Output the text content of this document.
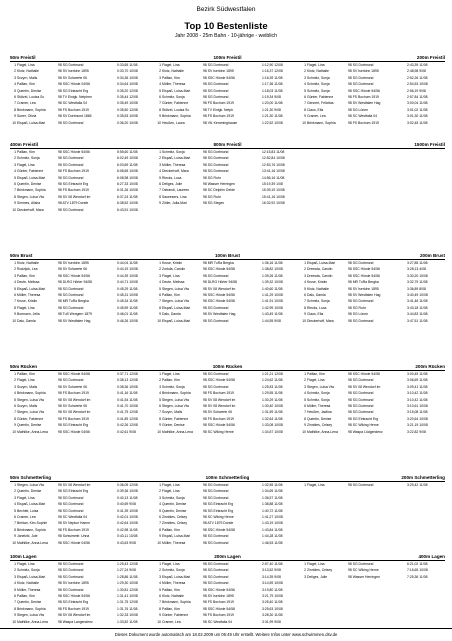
Bezirk Südwestfalen
Top 10 Bestenliste
Jahr 2008 - 25m Bahn - 10-jährige - weiblich
50m Freistil
1 Flagel, Lina	98 SG Dortmund	0:33,65 11/08
2 Klotz, Nathalie	98 SV Iserlohn 1895	0:33,70 10/08
3 Sczyrn, Malis	98 SV Schwerte 06	0:34,36 10/08
4 Palllan, Kim	98 SSC Hövde 04/56	0:34,64 10/08
5 Quentin, Denise	98 SG Eintracht Erg	0:35,20 12/08
6 Stötzel, Louisa Sc	98 TV Einigk. Netphen	0:35,44 12/08
7 Cramer, Lea	98 SC Westfalia 04	0:35,49 10/08
8 Brinkmann, Sophia	98 FS Bochum 1919	0:35,50 12/08
9 Sueer, Olivia	98 SV Dortmund 1865	0:35,53 10/08
10 Elspaß, Luisa-Mari	98 SG Dortmund	0:36,20 10/08
100m Freistil
1 Flagel, Lina	98 SG Dortmund	1:12,90 12/08
2 Klotz, Nathalie	98 SV Iserlohn 1895	1:16,37 12/08
3 Palllan, Kim	98 SSC Hövde 54/56	1:16,39 11/08
4 Möller, Theresa	98 SG Dortmund	1:17,36 11/08
5 Elspaß, Luisa-Mari	98 SG Dortmund	1:18,03 11/08
6 Schmitz, Sonja	98 SG Dortmund	1:19,34 9/08
7 Günter, Fabienne	98 FS Bochum 1919	1:20,00 11/08
8 Stötzel, Louisa Sc	98 TV Einigk. Netph	1:21,30 9/08
9 Brinkmann, Sophia	98 FS Bochum 1919	1:21,30 11/08
10 Heußen, Laura	98 VfL Kemminghause	1:22,52 10/08
200m Freistil
1 Flagel, Lina	98 SG Dortmund	2:43,39 11/08
2 Klotz, Nathalie	98 SV Iserlohn 1895	2:48,98 9/08
3 Schmitz, Sonja	98 SG Dortmund	2:52,26 11/08
4 Schmitz, Sonja	98 SG Dortmund	2:54,53 10/08
5 Schmitz, Sonja	98 SSC Hövde 54/56	2:56,19 9/08
6 Günter, Fabienne	98 FS Bochum 1919	2:57,84 11/08
7 Gennert, Felicitas	98 SV Westfalen Hag	3:00,04 11/08
8 Claus, Ella	98 SG Lünen	3:01,02 11/08
9 Cramer, Lea	98 SC Westfalia 04	3:01,30 11/08
10 Brinkmann, Sophia	98 FS Bochum 1919	3:02,45 11/08
400m Freistil
1 Palllan, Kim	98 SSC Hövde 54/56	5:55,60 11/08
2 Schmitz, Sonja	98 SG Dortmund	6:02,49 10/08
3 Flagel, Lina	98 SG Dortmund	6:03,69 11/08
4 Günter, Fabienne	98 FS Bochum 1919	6:08,65 10/08
5 Elspaß, Luisa-Mari	98 SG Dortmund	6:08,98 10/08
6 Quentin, Denise	98 SG Eintracht Erg	6:27,33 10/08
7 Brinkmann, Sophia	98 FS Bochum 1919	6:31,26 10/08
8 Stegen, Luisa Viw	98 SV 08 Wendorf Im	6:37,24 11/08
9 Simmes, Alisha	98 ATV 1879 Dorsfe	6:38,52 10/08
10 Dieckerhoff, Mara	98 SG Dortmund	6:43,91 10/08
800m Freistil
1 Schmitz, Sonja	98 SG Dortmund	12:15,83 11/08
2 Elspaß, Luisa-Mari	98 SG Dortmund	12:52,84 10/08
3 Möller, Theresa	98 SG Dortmund	12:53,76 10/08
4 Dieckerhoff, Mara	98 SG Dortmund	13:41,16 10/08
5 Riecks, Luca	98 SG Ruhr	14:56,16 11/08
6 Deliges, Julie	98 Wasser Herringen	15:19,39 1/08
7 Ostrandi, Laureen	98 SC Delphin Oelde	15:39,19 10/08
8 Saueesers, Lina	98 SG Ruhr	15:41,16 10/08
9 Zöller, Jolla-Mari	98 SG Siegen	16:32,92 10/08
1500m Freistil
50m Brust
1 Klotz, Nathalie	98 SV Iserlohn 1895	0:44,04 11/08
2 Rodzijok, Lea	98 SV Schwerte 06	0:44,19 10/08
3 Palllan, Kim	98 SSC Hövde 54/56	0:44,39 10/08
4 Deute, Melissa	98 DLRG Hörter 94/58	0:44,71 10/08
5 Elspaß, Luisa-Mari	98 SG Dortmund	0:45,29 11/08
6 Möller, Theresa	98 SG Dortmund	0:45,31 10/08
7 Kruse, Kristin	98 MR TuRa Bergka	0:45,34 11/08
8 Flagel, Lina	98 SG Dortmund	0:45,59 11/08
9 Bormann, Jella	98 TuS Wengern 1879	0:46,01 11/08
10 Dalu, Damla	98 SV Westfalen Hag	0:46,26 10/08
100m Brust
1 Kruse, Kristin	98 MR TuRa Bergka	1:36,16 11/08
2 Zorkda, Carolin	98 SSC Hövde 54/58	1:38,82 10/08
3 Flagel, Lina	98 SG Dortmund	1:39,26 11/08
4 Deute, Melissa	98 DLRG Hörter 94/58	1:39,32 10/08
5 Stegen, Luisa Viw	98 SV 08 Wendorf Im	1:40,60 11/08
6 Palllan, Kim	98 SSC Hövde 54/56	1:41,29 10/08
7 Stegen, Luisa Viw	98 SSC Hövde 54/56	1:41,91 10/08
8 Elspaß, Luisa-Mari	98 SG Dortmund	1:42,99 10/08
9 Dalu, Damla	98 SV Westfalen Hag	1:43,49 11/08
10 Elspaß, Luisa-Mari	98 SG Dortmund	1:44,55 9/08
200m Brust
1 Elspaß, Luisa-Mari	98 SG Dortmund	3:27,85 11/08
2 Dreesda, Carolin	98 SSC Hövde 54/56	3:28,13 4/08
3 Dreesda, Carolin	98 SSC Hövde 54/56	3:30,20 10/08
4 Kruse, Kristin	98 MR TuRa Bergka	3:32,79 11/08
5 Klotz, Nathalie	98 SV Iserlohn 1895	3:36,89 8/08
6 Dalu, Damla	98 SV Westfalen Hag	3:40,49 10/08
7 Schmitz, Sonja	98 SG Dortmund	3:41,46 11/08
8 Riecks, Luca	98 SG Ruhr	3:43,18 11/08
9 Claus, Ella	98 SG Lünen	3:44,83 11/08
10 Dieckerhoff, Mara	98 SG Dortmund	3:47,51 11/08
50m Rücken
1 Palllan, Kim	98 SSC Hövde 54/58	0:37,71 12/08
2 Flagel, Lina	98 SG Dortmund	0:38,13 12/08
3 Sczyrn, Malis	98 SV Schwerte 06	0:38,36 10/08
4 Brinkmann, Sophia	98 FS Bochum 1919	0:41,16 11/08
5 Stegen, Luisa Viw	98 SV 08 Wendorf Im	0:41,54 11/08
6 Sczyrn, Malis	98 SV Schwerte 06	0:41,70 10/08
7 Stegen, Luisa Viw	98 SV 08 Wendorf Im	0:41,75 12/08
8 Günter, Fabienne	98 FS Bochum 1919	0:41,89 12/08
9 Quentin, Denise	98 SG Eintracht Erg	0:42,26 12/08
10 Mathilke, Anna-Lena	98 SSC Hövde 04/56	0:42,61 9/08
100m Rücken
1 Flagel, Lina	98 SG Dortmund	1:21,21 12/08
2 Palllan, Kim	98 SSC Hövde 54/58	1:24,62 11/08
3 Schmitz, Sonja	98 SG Dortmund	1:25,53 11/08
4 Brinkmann, Sophia	98 FS Bochum 1919	1:29,55 11/08
5 Stegen, Luisa Viw	98 SV 08 Wendorf Im	1:30,29 11/08
6 Stegen, Luisa Viw	98 SV 08 Wendorf Im	1:30,40 10/08
7 Sczyrn, Malis	98 SV Schwerte 06	1:31,59 11/08
8 Günter, Fabienne	98 FS Bochum 1919	1:32,64 11/08
9 Günter, Denise	98 SSC Hövde 54/56	1:33,08 10/08
10 Mathilke, Anna-Lena	98 SC Wiking Herne	1:34,57 10/08
200m Rücken
1 Palllan, Kim	98 SSC Hövde 54/58	3:00,45 11/08
2 Flagel, Lina	98 SG Dortmund	3:06,69 11/08
3 Stegen, Luisa Viw	98 SV 08 Wendorf Im	3:09,41 11/08
4 Schmitz, Sonja	98 SG Dortmund	3:10,42 11/08
5 Schmitz, Sonja	98 SG Dortmund	3:10,42 11/08
6 Möller, Theresa	98 SG Dortmund	3:10,61 10/08
7 Heußen, Jadiina	98 SG Dortmund	3:15,08 11/08
8 Quentin, Denise	98 SG Eintracht Erg	3:20,64 10/08
9 Zinnbles, Celsey	98 SC Wiking Herne	3:21,19 10/08
10 Mathilke, Anna-Lena	98 Waspa Lüdgendenz	3:22,82 9/08
50m Schmetterling
1 Stegen, Luisa Viw	98 SV 08 Wendorf Im	0:36,05 12/08
2 Quentin, Denise	98 SG Eintracht Erg	0:39,36 10/08
3 Flagel, Lina	98 SG Dortmund	0:40,13 11/08
4 Elspaß, Luisa-Mari	98 SG Dortmund	0:40,69 9/08
5 Bechtel, Luisa	98 SG Dortmund	0:41,39 10/08
6 Cramer, Lea	98 SC Westfalia 04	0:42,01 10/08
7 Behtan, Kim-Sophie	98 SV Neptun Hamm	0:42,64 10/08
8 Brinkmann, Sophia	98 FS Bochum 1919	0:42,98 11/08
9 Janetzki, Jule	98 Schwimmfr. Unna	0:43,11 10/08
10 Mathilke, Anna-Lena	98 SSC Hövde 04/56	0:43,63 9/08
100m Schmetterling
1 Flagel, Lina	98 SG Dortmund	1:32,55 11/08
2 Flagel, Lina	98 SG Dortmund	1:34,69 11/08
3 Schmitz, Sonja	98 SG Dortmund	1:36,57 11/08
4 Quentin, Denise	98 SG Eintracht Erg	1:38,88 11/08
5 Quentin, Denise	98 SG Eintracht Erg	1:40,72 11/08
6 Zinnbles, Celsey	98 SC Wiking Herne	1:41,27 10/08
7 Zinnbles, Celsey	98 ATV 1879 Dorsfe	1:43,19 10/08
8 Palllan, Kim	98 SSC Hövde 54/58	1:43,84 11/08
9 Elspaß, Luisa-Mari	98 SG Dortmund	1:44,28 11/08
10 Möller, Theresa	98 SG Dortmund	1:46,53 11/08
200m Schmetterling
1 Flagel, Lina	98 SG Dortmund	3:29,42 11/08
100m Lagen
1 Flagel, Lina	98 SG Dortmund	1:25,43 12/08
2 Schmitz, Sonja	98 SG Dortmund	1:27,24 9/08
3 Elspaß, Luisa-Mari	98 SG Dortmund	1:28,86 11/08
4 Klotz, Nathalie	98 SV Iserlohn 1895	1:29,30 10/08
5 Möller, Theresa	98 SG Dortmund	1:30,81 12/08
6 Palllan, Kim	98 SSC Hövde 54/56	1:31,41 10/08
7 Quentin, Denise	98 SG Eintracht Erg	1:31,75 12/08
8 Brinkmann, Sophia	98 FS Bochum 1919	1:31,76 11/08
9 Stegen, Luisa Viw	98 SV 08 Wendorf Im	1:32,33 10/08
10 Mathilke, Anna-Lena	98 Waspa Langendenz	1:33,52 11/08
200m Lagen
1 Flagel, Lina	98 SG Dortmund	2:57,40 11/08
2 Schmitz, Sonja	98 SG Dortmund	3:13,52 9/08
3 Elspaß, Luisa-Mari	98 SG Dortmund	3:14,35 9/08
4 Möller, Theresa	98 SG Dortmund	3:14,59 10/08
5 Palllan, Kim	98 SSC Hövde 54/56	3:19,80 11/08
6 Klotz, Nathalie	98 SV Iserlohn 1895	3:21,79 10/08
7 Brinkmann, Sophia	98 FS Bochum 1919	3:25,40 11/08
8 Palllan, Kim	98 SSC Hövde 54/58	3:25,63 10/08
9 Günter, Fabienne	98 FS Bochum 1919	3:28,30 11/08
10 Cramer, Lea	98 SC Westfalia 04	3:31,99 9/08
400m Lagen
1 Flagel, Lina	98 SG Dortmund	6:21,02 11/08
2 Zinnbles, Celsey	98 SC Wiking Herne	7:16,65 10/08
3 Deliges, Julie	98 Wasser Herringen	7:25,36 11/08
Dieses Dokument wurde automatisch am 18.02.2009 um 05:49 Uhr erstellt. Weitere Infos unter www.schwimmen.dsv.de
